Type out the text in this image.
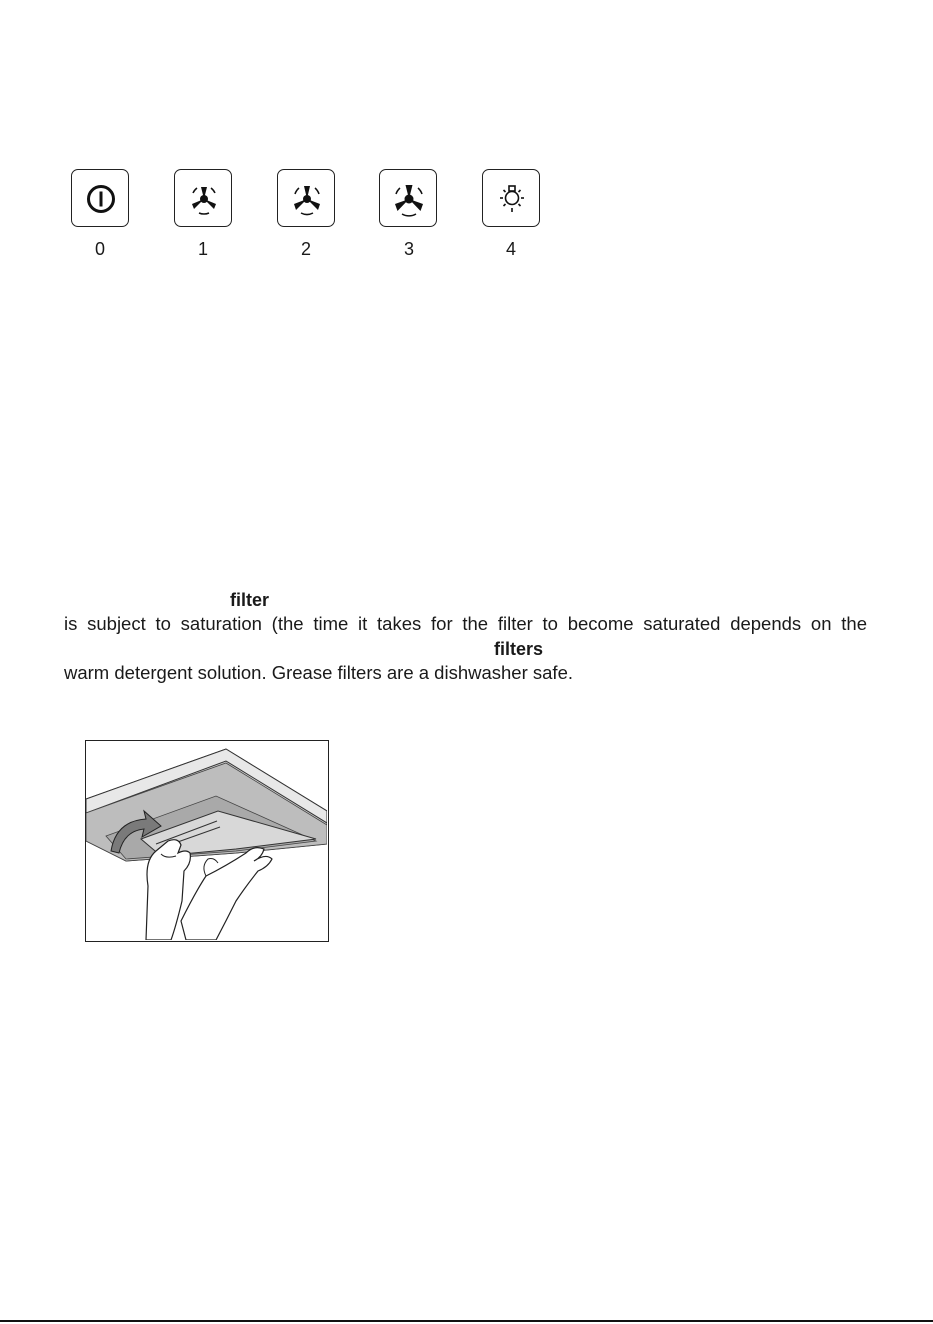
0	1	2	3	4
filter
is subject to saturation (the time it takes for the filter to become saturated depends on the
filters
warm detergent solution. Grease filters are a dishwasher safe.
